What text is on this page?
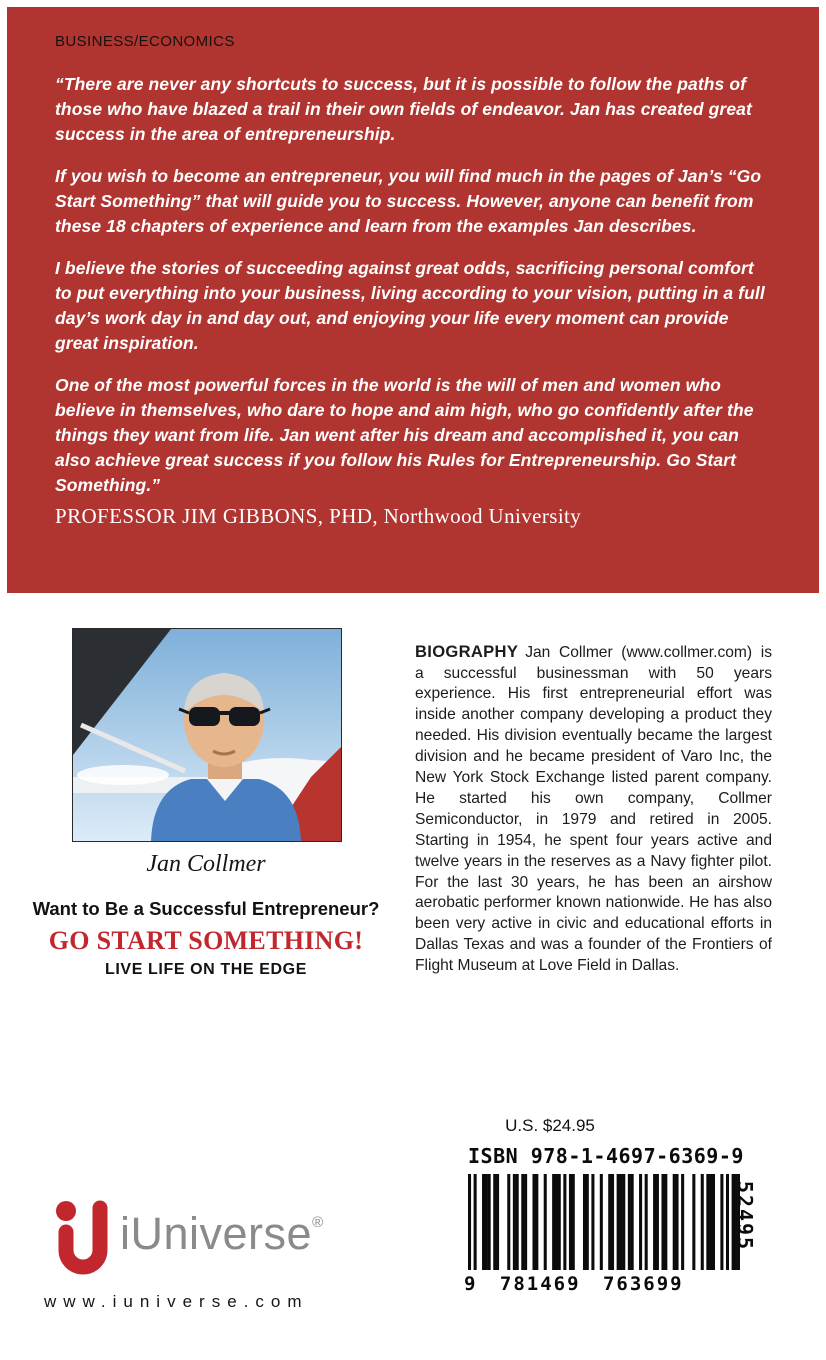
BUSINESS/ECONOMICS

“There are never any shortcuts to success, but it is possible to follow the paths of those who have blazed a trail in their own fields of endeavor. Jan has created great success in the area of entrepreneurship.

If you wish to become an entrepreneur, you will find much in the pages of Jan’s “Go Start Something” that will guide you to success. However, anyone can benefit from these 18 chapters of experience and learn from the examples Jan describes.

I believe the stories of succeeding against great odds, sacrificing personal comfort to put everything into your business, living according to your vision, putting in a full day’s work day in and day out, and enjoying your life every moment can provide great inspiration.

One of the most powerful forces in the world is the will of men and women who believe in themselves, who dare to hope and aim high, who go confidently after the things they want from life. Jan went after his dream and accomplished it, you can also achieve great success if you follow his Rules for Entrepreneurship. Go Start Something.”

PROFESSOR JIM GIBBONS, PHD, Northwood University
Jan Collmer
Want to Be a Successful Entrepreneur?
GO START SOMETHING!
LIVE LIFE ON THE EDGE

BIOGRAPHY Jan Collmer (www.collmer.com) is a successful businessman with 50 years experience. His first entrepreneurial effort was inside another company developing a product they needed. His division eventually became the largest division and he became president of Varo Inc, the New York Stock Exchange listed parent company. He started his own company, Collmer Semiconductor, in 1979 and retired in 2005. Starting in 1954, he spent four years active and twelve years in the reserves as a Navy fighter pilot. For the last 30 years, he has been an airshow aerobatic performer known nationwide. He has also been very active in civic and educational efforts in Dallas Texas and was a founder of the Frontiers of Flight Museum at Love Field in Dallas.

U.S. $24.95
ISBN 978-1-4697-6369-9
52495
9 781469 763699
iUniverse®
www.iuniverse.com
